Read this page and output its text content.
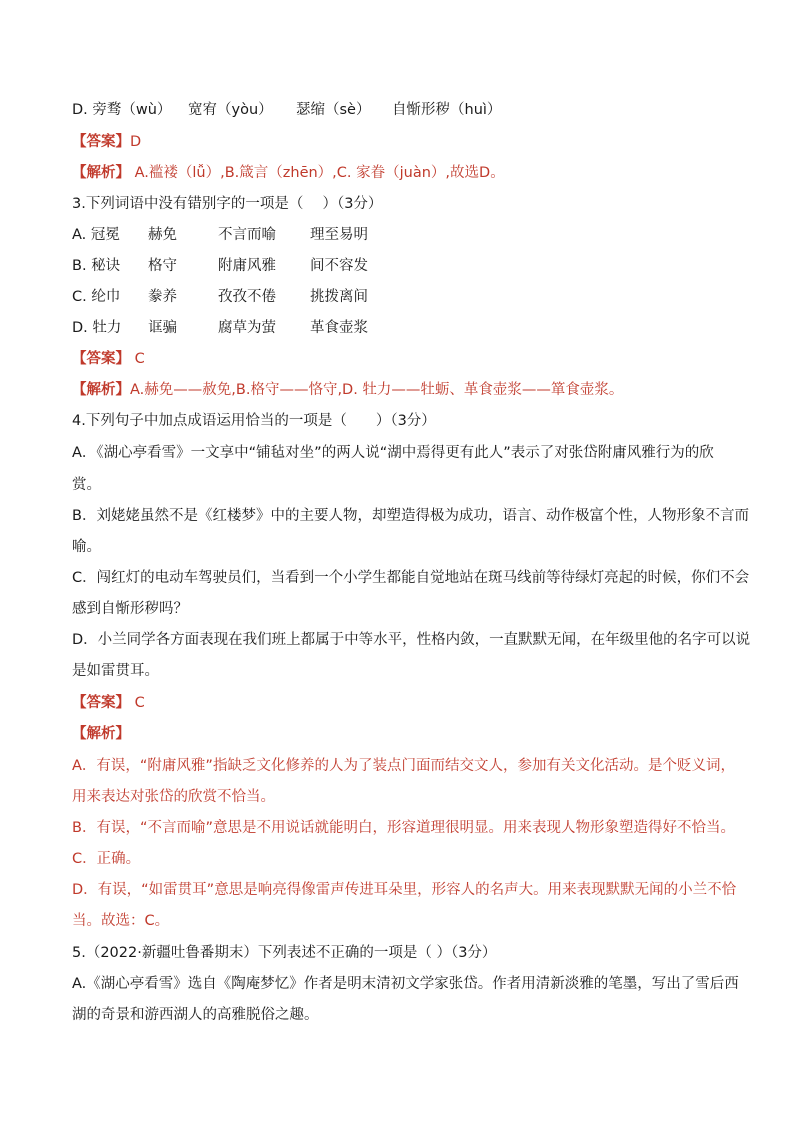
D. 旁骛（wù） 宽宥（yòu） 瑟缩（sè） 自惭形秽（huì）
【答案】D
【解析】 A.褴褛（lǚ）,B.箴言（zhēn）,C. 家眷（juàn）,故选D。
3.下列词语中没有错别字的一项是（　 ）（3分）
A. 冠冕 赫免	不言而喻 理至易明
B. 秘诀 格守	附庸风雅 间不容发
C. 纶巾 豢养	孜孜不倦 挑拨离间
D. 牡力 诓骗	腐草为萤 革食壶浆
【答案】 C
【解析】A.赫免——赦免,B.格守——恪守,D. 牡力——牡蛎、革食壶浆——箪食壶浆。
4.下列句子中加点成语运用恰当的一项是（　　）（3分）
A．《湖心亭看雪》一文享中“铺毡对坐”的两人说“湖中焉得更有此人”表示了对张岱附庸风雅行为的欣
赏。
B．刘姥姥虽然不是《红楼梦》中的主要人物，却塑造得极为成功，语言、动作极富个性，人物形象不言而
喻。
C．闯红灯的电动车驾驶员们，当看到一个小学生都能自觉地站在斑马线前等待绿灯亮起的时候，你们不会
感到自惭形秽吗？
D．小兰同学各方面表现在我们班上都属于中等水平，性格内敛，一直默默无闻，在年级里他的名字可以说
是如雷贯耳。
【答案】 C
【解析】
A．有误，“附庸风雅”指缺乏文化修养的人为了装点门面而结交文人，参加有关文化活动。是个贬义词，
用来表达对张岱的欣赏不恰当。
B．有误，“不言而喻”意思是不用说话就能明白，形容道理很明显。用来表现人物形象塑造得好不恰当。
C．正确。
D．有误，“如雷贯耳”意思是响亮得像雷声传进耳朵里，形容人的名声大。用来表现默默无闻的小兰不恰
当。故选：C。
5.（2022·新疆吐鲁番期末）下列表述不正确的一项是（ ）（3分）
A.《湖心亭看雪》选自《陶庵梦忆》作者是明末清初文学家张岱。作者用清新淡雅的笔墨，写出了雪后西
湖的奇景和游西湖人的高雅脱俗之趣。
